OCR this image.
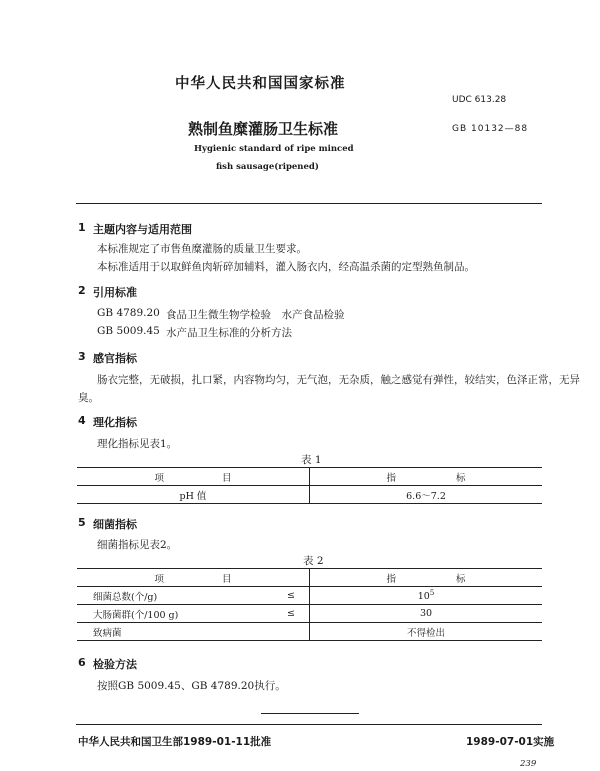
中华人民共和国国家标准
UDC 613.28
熟制鱼糜灌肠卫生标准	GB 10132—88
Hygienic standard of ripe minced
fish sausage(ripened)
1 主题内容与适用范围
本标准规定了市售鱼糜灌肠的质量卫生要求。
本标准适用于以取鲜鱼肉斩碎加辅料，灌入肠衣内，经高温杀菌的定型熟鱼制品。
2 引用标准
GB 4789.20 食品卫生微生物学检验　水产食品检验
GB 5009.45 水产品卫生标准的分析方法
3 感官指标
肠衣完整，无破损，扎口紧，内容物均匀，无气泡，无杂质，触之感觉有弹性，较结实，色泽正常，无异
臭。
4 理化指标
理化指标见表1。
表 1
项 目	指 标
pH 值	6.6～7.2
5 细菌指标
细菌指标见表2。
表 2
项 目		指 标
细菌总数(个/g)	≤	$10^5$
大肠菌群(个/100 g)	≤	30
致病菌		不得检出
6 检验方法
按照GB 5009.45、GB 4789.20执行。
中华人民共和国卫生部1989-01-11批准	1989-07-01实施
239
